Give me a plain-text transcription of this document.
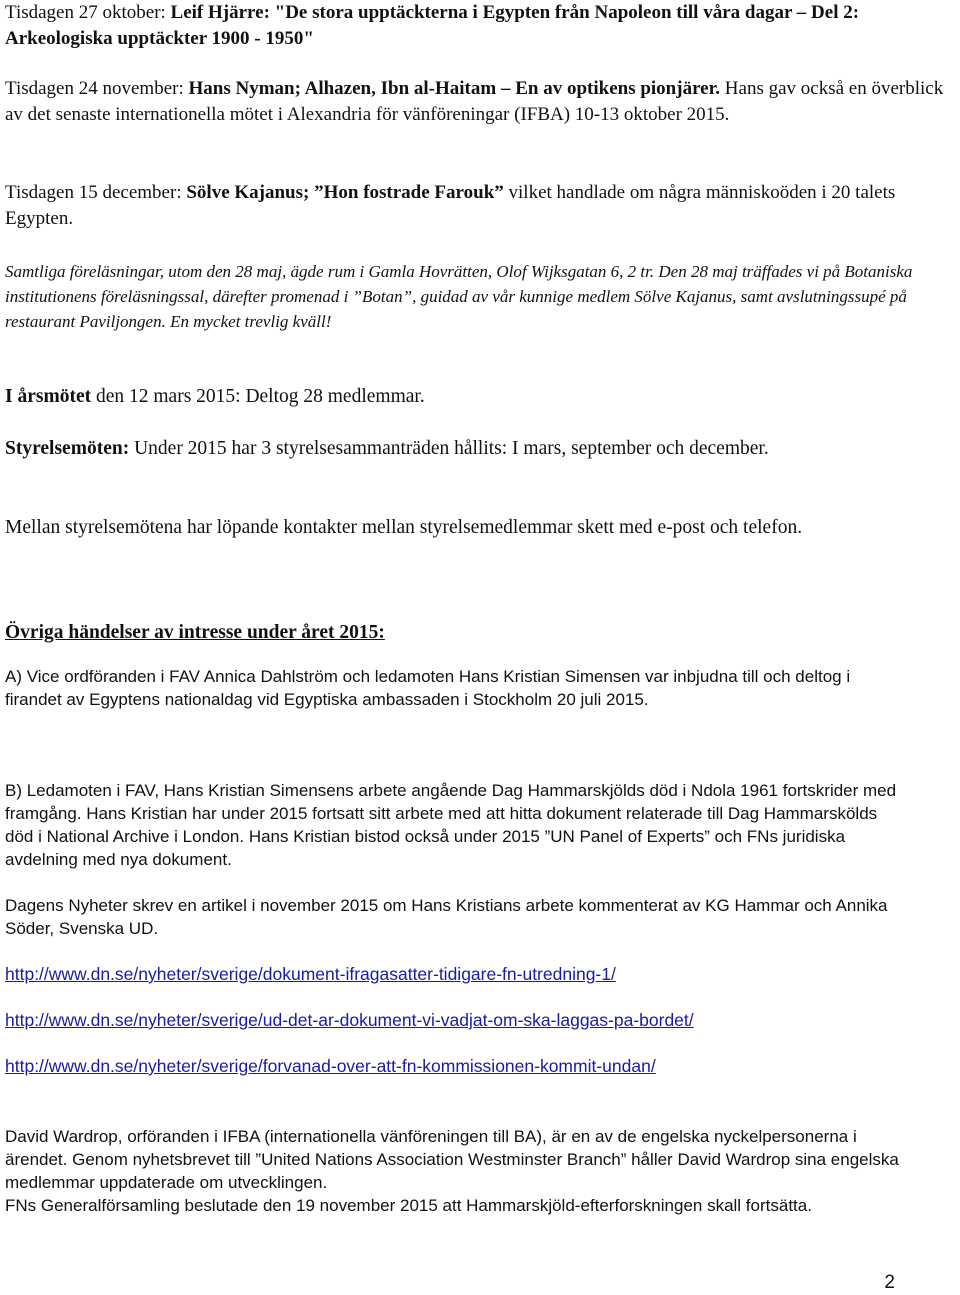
Tisdagen 27 oktober: Leif Hjärre: "De stora upptäckterna i Egypten från Napoleon till våra dagar – Del 2: Arkeologiska upptäckter 1900 - 1950"

Tisdagen 24 november: Hans Nyman; Alhazen, Ibn al-Haitam – En av optikens pionjärer. Hans gav också en överblick av det senaste internationella mötet i Alexandria för vänföreningar (IFBA) 10-13 oktober 2015.

Tisdagen 15 december: Sölve Kajanus; ”Hon fostrade Farouk” vilket handlade om några människoöden i 20 talets Egypten.

Samtliga föreläsningar, utom den 28 maj, ägde rum i Gamla Hovrätten, Olof Wijksgatan 6, 2 tr. Den 28 maj träffades vi på Botaniska institutionens föreläsningssal, därefter promenad i ”Botan”, guidad av vår kunnige medlem Sölve Kajanus, samt avslutningssupé på restaurant Paviljongen. En mycket trevlig kväll!

I årsmötet den 12 mars 2015: Deltog 28 medlemmar.

Styrelsemöten: Under 2015 har 3 styrelsesammanträden hållits: I mars, september och december.

Mellan styrelsemötena har löpande kontakter mellan styrelsemedlemmar skett med e-post och telefon.

Övriga händelser av intresse under året 2015:

A) Vice ordföranden i FAV Annica Dahlström och ledamoten Hans Kristian Simensen var inbjudna till och deltog i firandet av Egyptens nationaldag vid Egyptiska ambassaden i Stockholm 20 juli 2015.

B) Ledamoten i FAV, Hans Kristian Simensens arbete angående Dag Hammarskjölds död i Ndola 1961 fortskrider med framgång. Hans Kristian har under 2015 fortsatt sitt arbete med att hitta dokument relaterade till Dag Hammarskölds död i National Archive i London. Hans Kristian bistod också under 2015 ”UN Panel of Experts” och FNs juridiska avdelning med nya dokument.

Dagens Nyheter skrev en artikel i november 2015 om Hans Kristians arbete kommenterat av KG Hammar och Annika Söder, Svenska UD.

http://www.dn.se/nyheter/sverige/dokument-ifragasatter-tidigare-fn-utredning-1/

http://www.dn.se/nyheter/sverige/ud-det-ar-dokument-vi-vadjat-om-ska-laggas-pa-bordet/

http://www.dn.se/nyheter/sverige/forvanad-over-att-fn-kommissionen-kommit-undan/

David Wardrop, orföranden i IFBA (internationella vänföreningen till BA), är en av de engelska nyckelpersonerna i ärendet. Genom nyhetsbrevet till ”United Nations Association Westminster Branch” håller David Wardrop sina engelska medlemmar uppdaterade om utvecklingen.

FNs Generalförsamling beslutade den 19 november 2015 att Hammarskjöld-efterforskningen skall fortsätta.

2
